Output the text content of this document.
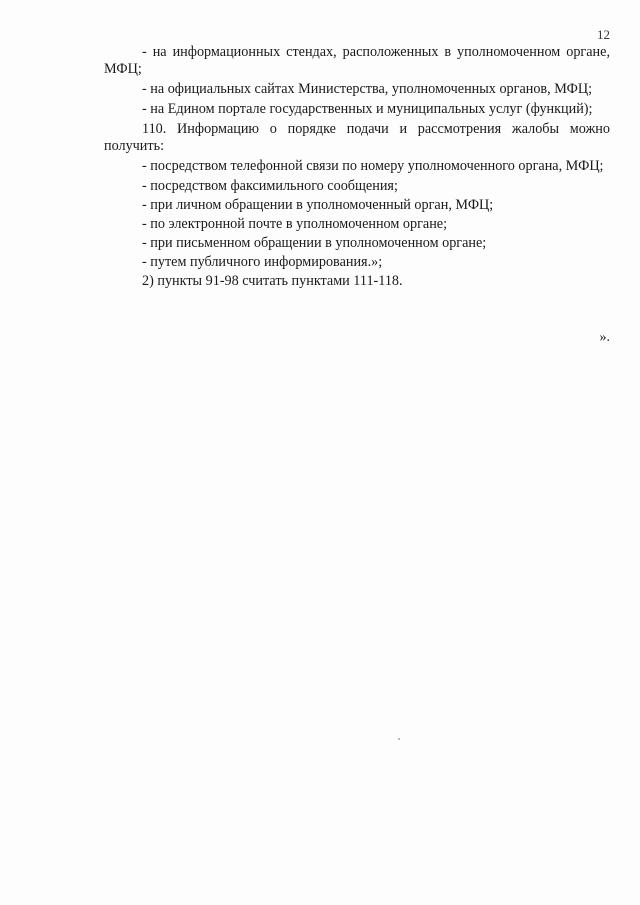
12

- на информационных стендах, расположенных в уполномоченном органе, МФЦ;

- на официальных сайтах Министерства, уполномоченных органов, МФЦ;

- на Едином портале государственных и муниципальных услуг (функций);

110. Информацию о порядке подачи и рассмотрения жалобы можно получить:

- посредством телефонной связи по номеру уполномоченного органа, МФЦ;

- посредством факсимильного сообщения;

- при личном обращении в уполномоченный орган, МФЦ;

- по электронной почте в уполномоченном органе;

- при письменном обращении в уполномоченном органе;

- путем публичного информирования.»;

2) пункты 91-98 считать пунктами 111-118.

».
